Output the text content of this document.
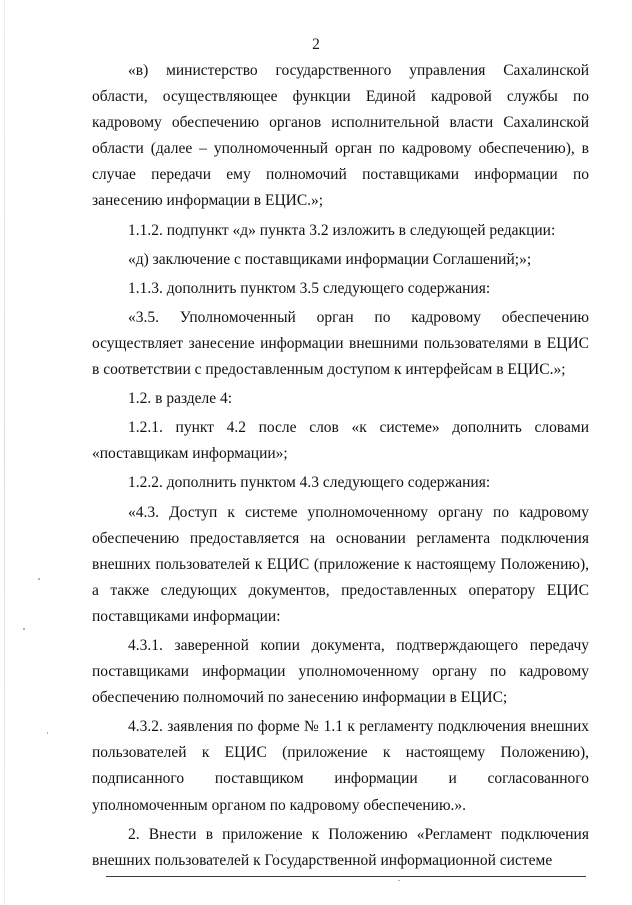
2

«в) министерство государственного управления Сахалинской области, осуществляющее функции Единой кадровой службы по кадровому обеспечению органов исполнительной власти Сахалинской области (далее – уполномоченный орган по кадровому обеспечению), в случае передачи ему полномочий поставщиками информации по занесению информации в ЕЦИС.»;

1.1.2. подпункт «д» пункта 3.2 изложить в следующей редакции:

«д) заключение с поставщиками информации Соглашений;»;

1.1.3. дополнить пунктом 3.5 следующего содержания:

«3.5. Уполномоченный орган по кадровому обеспечению осуществляет занесение информации внешними пользователями в ЕЦИС в соответствии с предоставленным доступом к интерфейсам в ЕЦИС.»;

1.2. в разделе 4:

1.2.1. пункт 4.2 после слов «к системе» дополнить словами «поставщикам информации»;

1.2.2. дополнить пунктом 4.3 следующего содержания:

«4.3. Доступ к системе уполномоченному органу по кадровому обеспечению предоставляется на основании регламента подключения внешних пользователей к ЕЦИС (приложение к настоящему Положению), а также следующих документов, предоставленных оператору ЕЦИС поставщиками информации:

4.3.1. заверенной копии документа, подтверждающего передачу поставщиками информации уполномоченному органу по кадровому обеспечению полномочий по занесению информации в ЕЦИС;

4.3.2. заявления по форме № 1.1 к регламенту подключения внешних пользователей к ЕЦИС (приложение к настоящему Положению), подписанного поставщиком информации и согласованного уполномоченным органом по кадровому обеспечению.».

2. Внести в приложение к Положению «Регламент подключения внешних пользователей к Государственной информационной системе
